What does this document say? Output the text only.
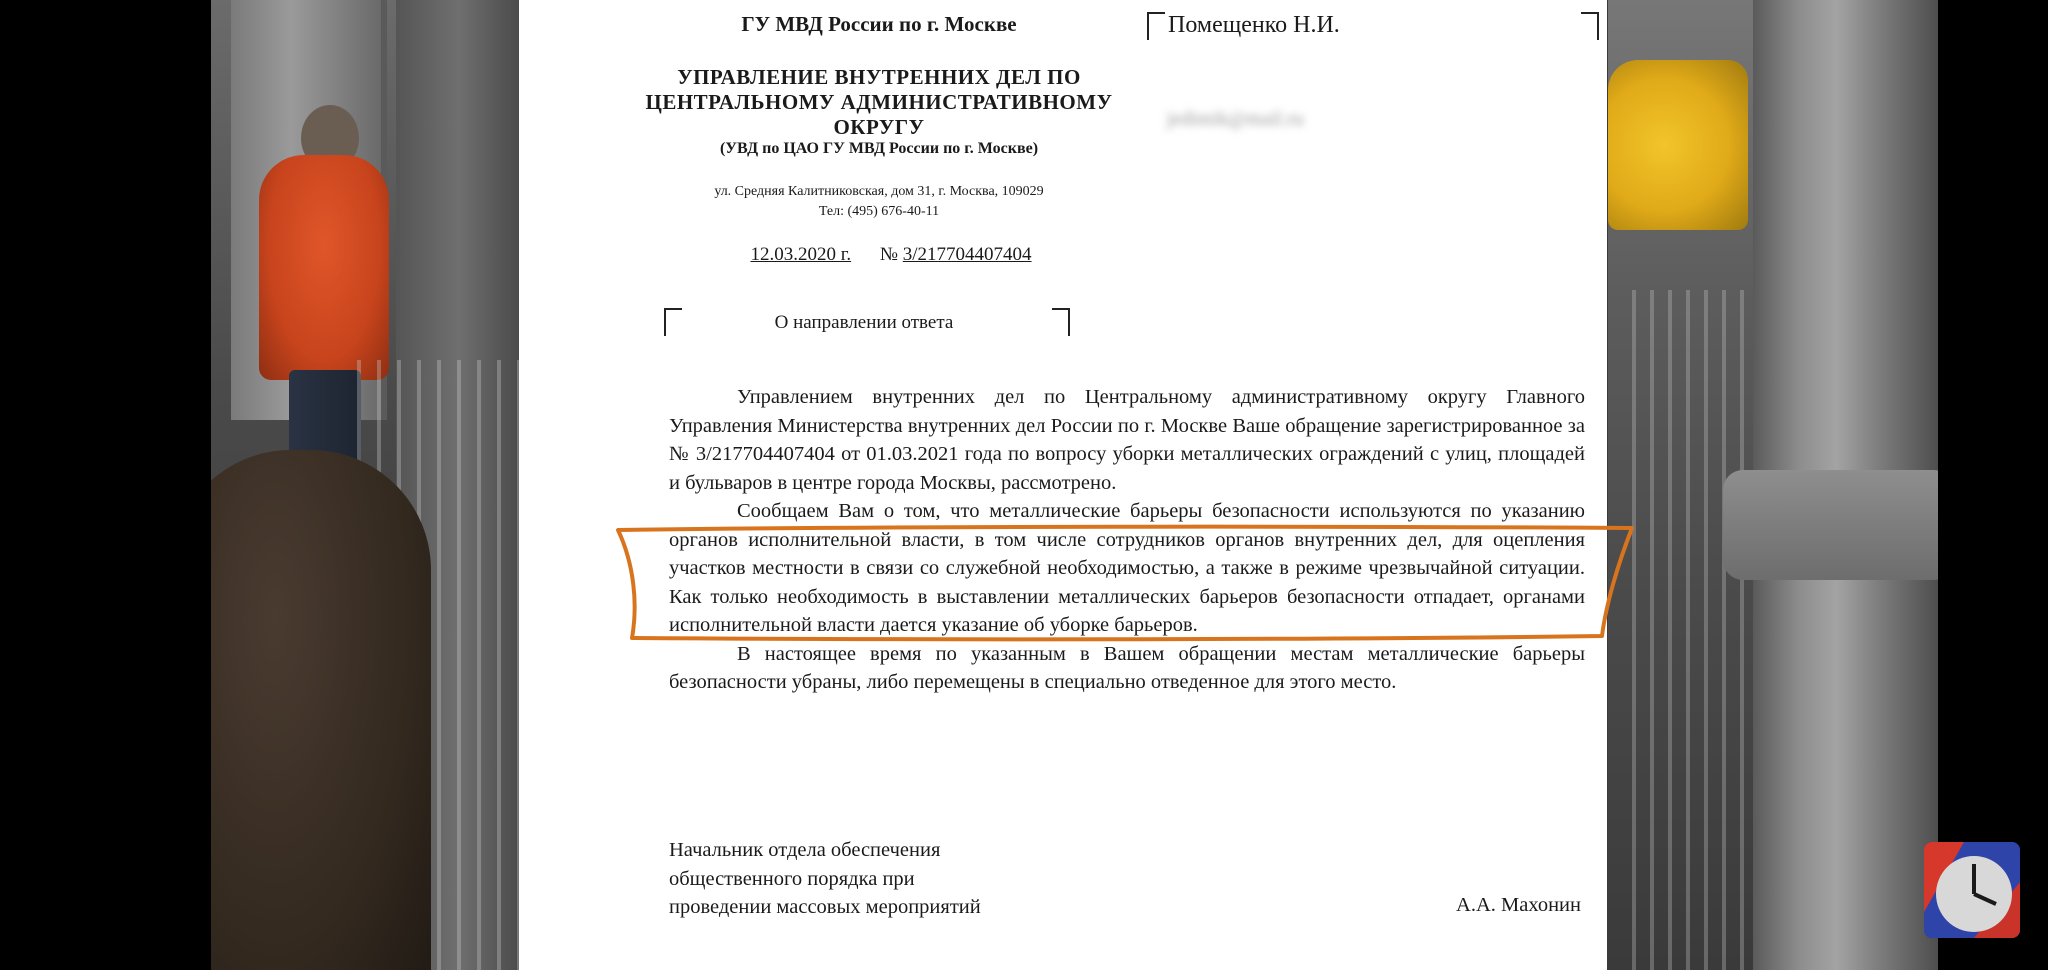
ГУ МВД России по г. Москве
УПРАВЛЕНИЕ ВНУТРЕННИХ ДЕЛ ПО ЦЕНТРАЛЬНОМУ АДМИНИСТРАТИВНОМУ ОКРУГУ
(УВД по ЦАО ГУ МВД России по г. Москве)
ул. Средняя Калитниковская, дом 31, г. Москва, 109029
Тел: (495) 676-40-11
12.03.2020 г. № 3/217704407404
Помещенко Н.И.
jedimik@mail.ru
О направлении ответа

Управлением внутренних дел по Центральному административному округу Главного Управления Министерства внутренних дел России по г. Москве Ваше обращение зарегистрированное за № 3/217704407404 от 01.03.2021 года по вопросу уборки металлических ограждений с улиц, площадей и бульваров в центре города Москвы, рассмотрено.

Сообщаем Вам о том, что металлические барьеры безопасности используются по указанию органов исполнительной власти, в том числе сотрудников органов внутренних дел, для оцепления участков местности в связи со служебной необходимостью, а также в режиме чрезвычайной ситуации. Как только необходимость в выставлении металлических барьеров безопасности отпадает, органами исполнительной власти дается указание об уборке барьеров.

В настоящее время по указанным в Вашем обращении местам металлические барьеры безопасности убраны, либо перемещены в специально отведенное для этого место.

Начальник отдела обеспечения
общественного порядка при
проведении массовых мероприятий	А.А. Махонин
